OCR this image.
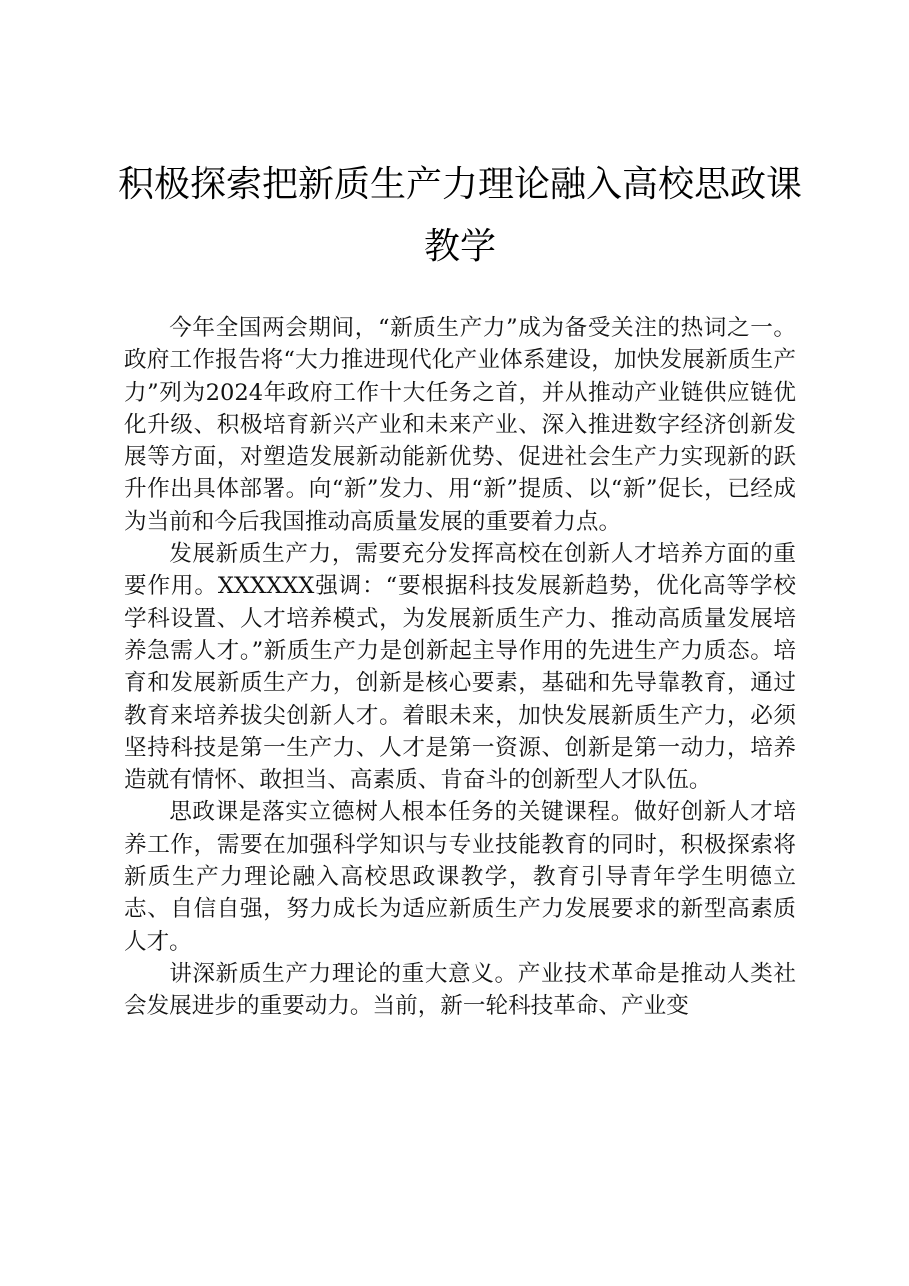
积极探索把新质生产力理论融入高校思政课教学

今年全国两会期间，“新质生产力”成为备受关注的热词之一。政府工作报告将“大力推进现代化产业体系建设，加快发展新质生产力”列为2024年政府工作十大任务之首，并从推动产业链供应链优化升级、积极培育新兴产业和未来产业、深入推进数字经济创新发展等方面，对塑造发展新动能新优势、促进社会生产力实现新的跃升作出具体部署。向“新”发力、用“新”提质、以“新”促长，已经成为当前和今后我国推动高质量发展的重要着力点。

发展新质生产力，需要充分发挥高校在创新人才培养方面的重要作用。XXXXXX强调：“要根据科技发展新趋势，优化高等学校学科设置、人才培养模式，为发展新质生产力、推动高质量发展培养急需人才。”新质生产力是创新起主导作用的先进生产力质态。培育和发展新质生产力，创新是核心要素，基础和先导靠教育，通过教育来培养拔尖创新人才。着眼未来，加快发展新质生产力，必须坚持科技是第一生产力、人才是第一资源、创新是第一动力，培养造就有情怀、敢担当、高素质、肯奋斗的创新型人才队伍。

思政课是落实立德树人根本任务的关键课程。做好创新人才培养工作，需要在加强科学知识与专业技能教育的同时，积极探索将新质生产力理论融入高校思政课教学，教育引导青年学生明德立志、自信自强，努力成长为适应新质生产力发展要求的新型高素质人才。

讲深新质生产力理论的重大意义。产业技术革命是推动人类社会发展进步的重要动力。当前，新一轮科技革命、产业变
